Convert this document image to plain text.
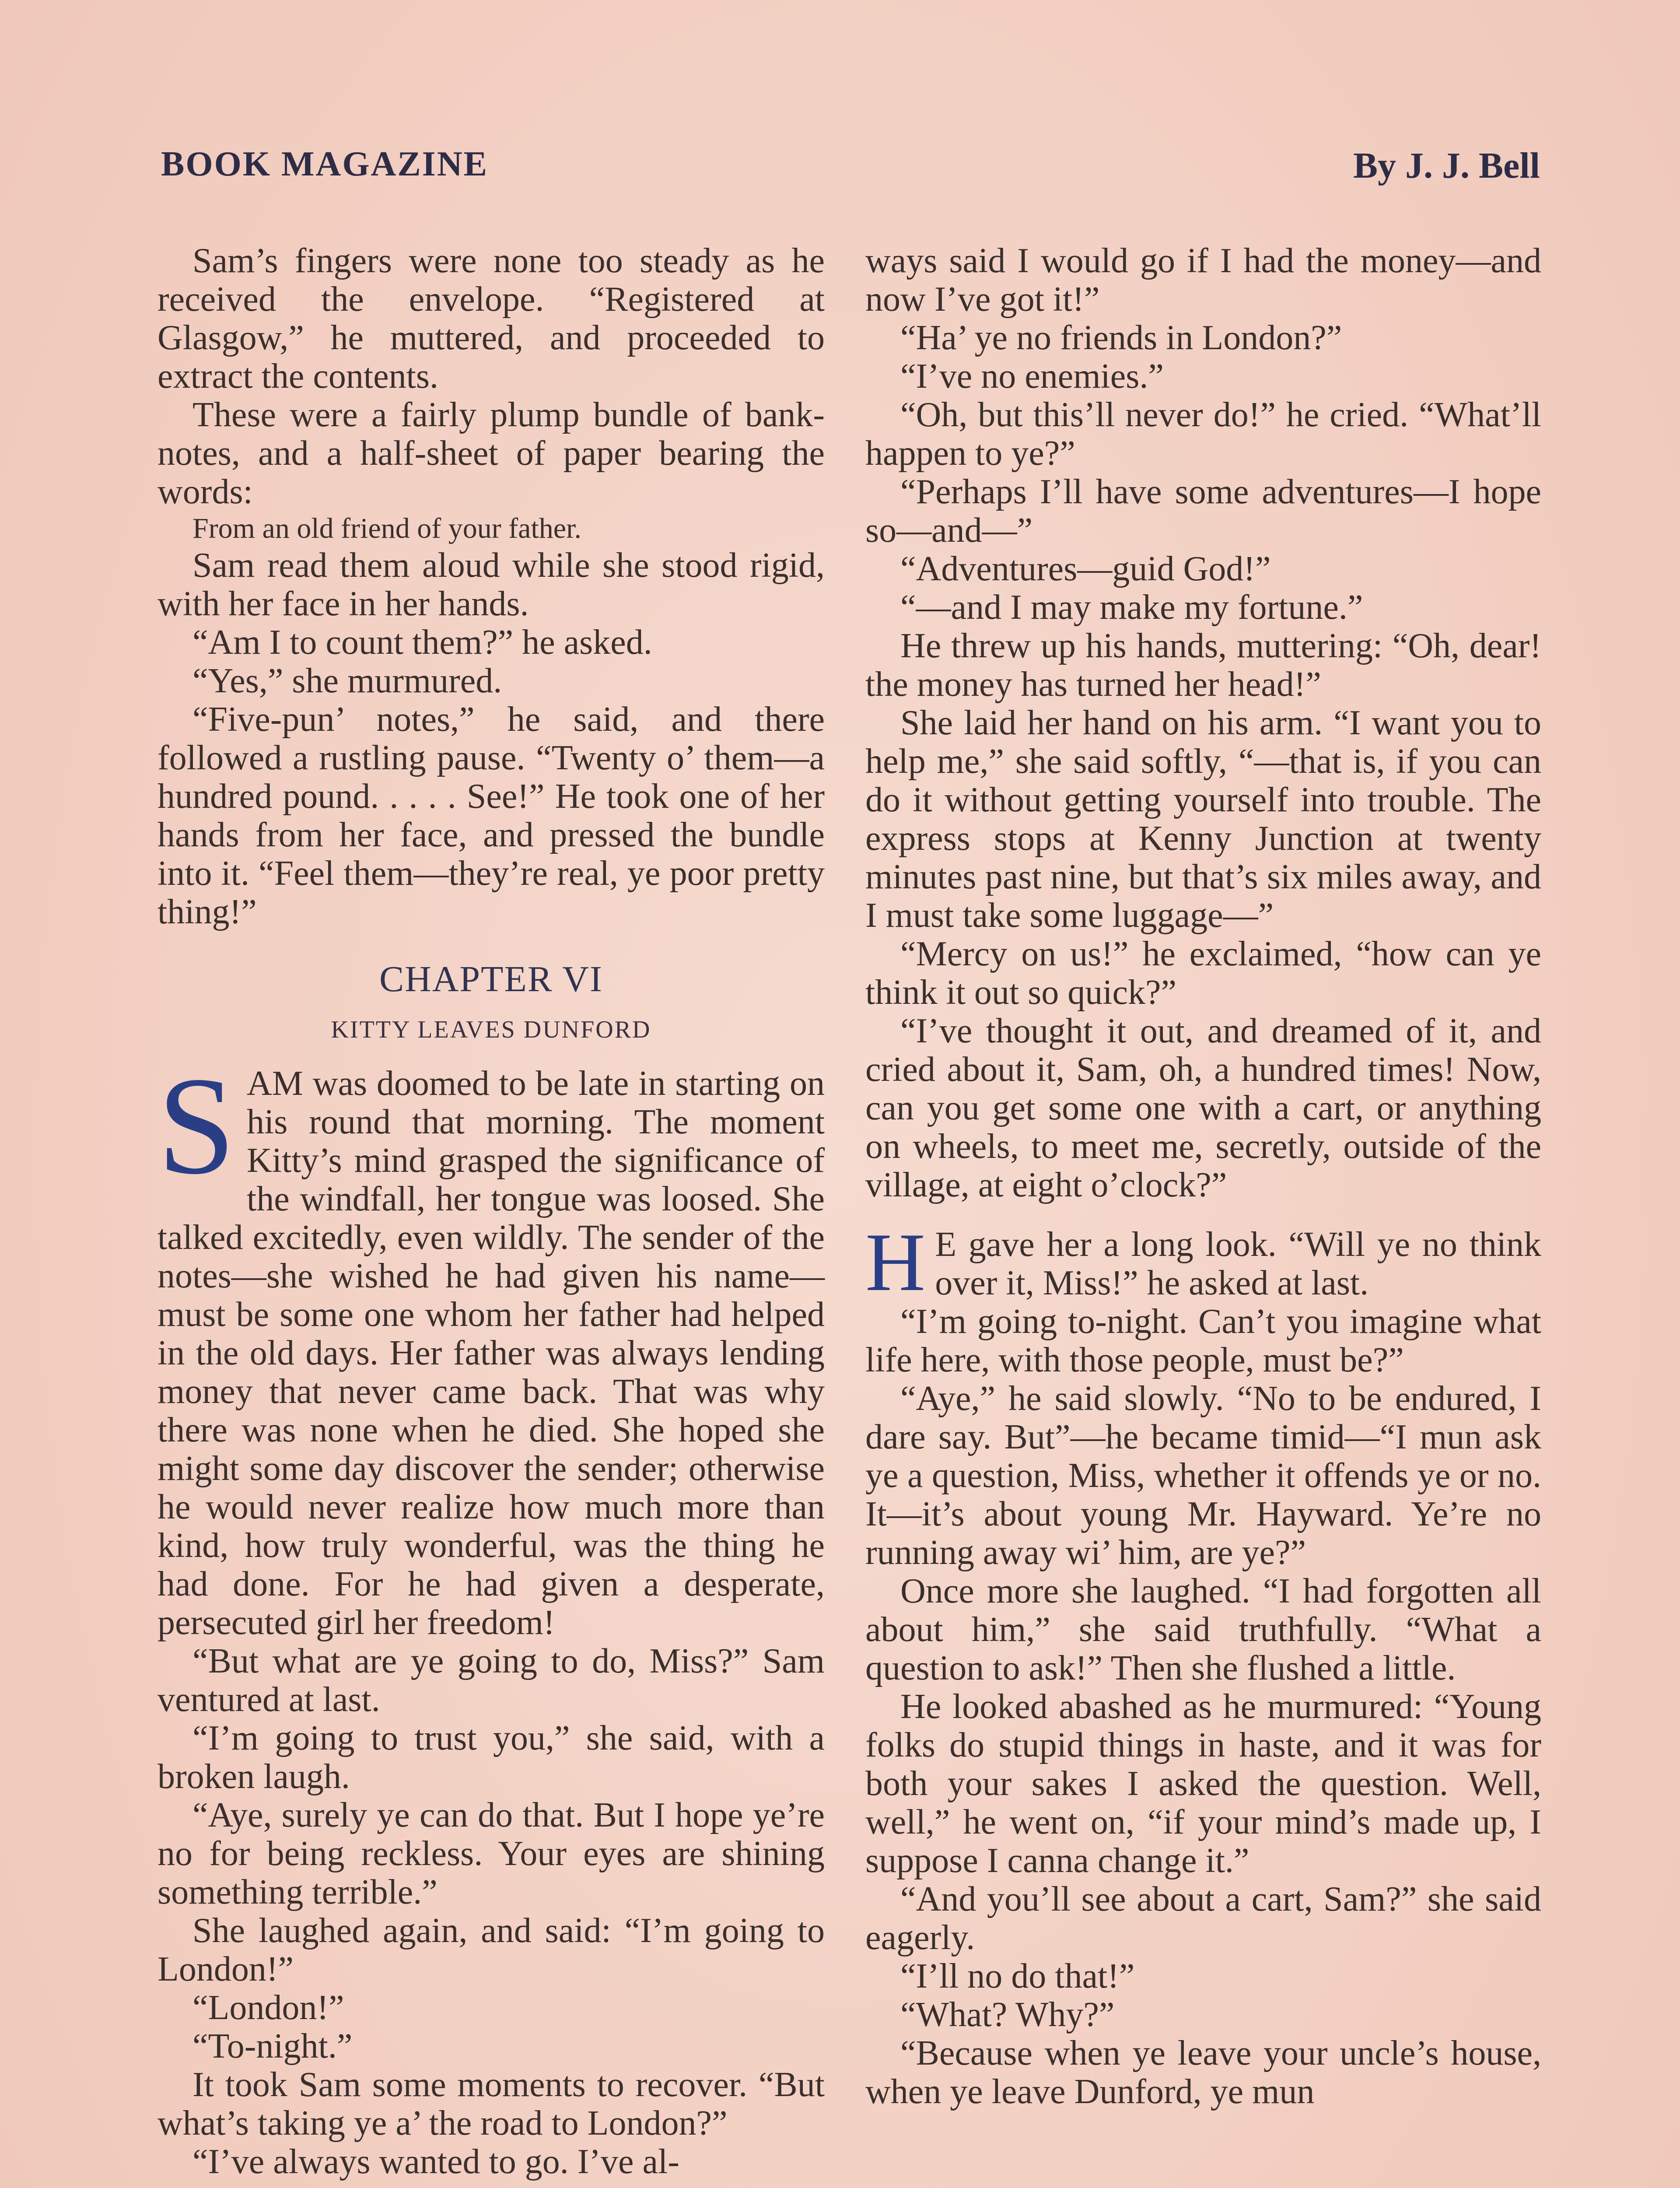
BOOK MAGAZINE	By J. J. Bell

Sam’s fingers were none too steady as he received the envelope. “Registered at Glasgow,” he muttered, and proceeded to extract the contents.

These were a fairly plump bundle of bank-notes, and a half-sheet of paper bearing the words:

From an old friend of your father.

Sam read them aloud while she stood rigid, with her face in her hands.

“Am I to count them?” he asked.

“Yes,” she murmured.

“Five-pun’ notes,” he said, and there followed a rustling pause. “Twenty o’ them—a hundred pound. . . . . See!” He took one of her hands from her face, and pressed the bundle into it. “Feel them—they’re real, ye poor pretty thing!”

CHAPTER VI
KITTY LEAVES DUNFORD

SAM was doomed to be late in starting on his round that morning. The moment Kitty’s mind grasped the significance of the windfall, her tongue was loosed. She talked excitedly, even wildly. The sender of the notes—she wished he had given his name—must be some one whom her father had helped in the old days. Her father was always lending money that never came back. That was why there was none when he died. She hoped she might some day discover the sender; otherwise he would never realize how much more than kind, how truly wonderful, was the thing he had done. For he had given a desperate, persecuted girl her freedom!

“But what are ye going to do, Miss?” Sam ventured at last.

“I’m going to trust you,” she said, with a broken laugh.

“Aye, surely ye can do that. But I hope ye’re no for being reckless. Your eyes are shining something terrible.”

She laughed again, and said: “I’m going to London!”

“London!”

“To-night.”

It took Sam some moments to recover. “But what’s taking ye a’ the road to London?”

“I’ve always wanted to go. I’ve al-

ways said I would go if I had the money—and now I’ve got it!”

“Ha’ ye no friends in London?”

“I’ve no enemies.”

“Oh, but this’ll never do!” he cried. “What’ll happen to ye?”

“Perhaps I’ll have some adventures—I hope so—and—”

“Adventures—guid God!”

“—and I may make my fortune.”

He threw up his hands, muttering: “Oh, dear! the money has turned her head!”

She laid her hand on his arm. “I want you to help me,” she said softly, “—that is, if you can do it without getting yourself into trouble. The express stops at Kenny Junction at twenty minutes past nine, but that’s six miles away, and I must take some luggage—”

“Mercy on us!” he exclaimed, “how can ye think it out so quick?”

“I’ve thought it out, and dreamed of it, and cried about it, Sam, oh, a hundred times! Now, can you get some one with a cart, or anything on wheels, to meet me, secretly, outside of the village, at eight o’clock?”

H E gave her a long look. “Will ye no think over it, Miss!” he asked at last.

“I’m going to-night. Can’t you imagine what life here, with those people, must be?”

“Aye,” he said slowly. “No to be endured, I dare say. But”—he became timid—“I mun ask ye a question, Miss, whether it offends ye or no. It—it’s about young Mr. Hayward. Ye’re no running away wi’ him, are ye?”

Once more she laughed. “I had forgotten all about him,” she said truthfully. “What a question to ask!” Then she flushed a little.

He looked abashed as he murmured: “Young folks do stupid things in haste, and it was for both your sakes I asked the question. Well, well,” he went on, “if your mind’s made up, I suppose I canna change it.”

“And you’ll see about a cart, Sam?” she said eagerly.

“I’ll no do that!”

“What? Why?”

“Because when ye leave your uncle’s house, when ye leave Dunford, ye mun
